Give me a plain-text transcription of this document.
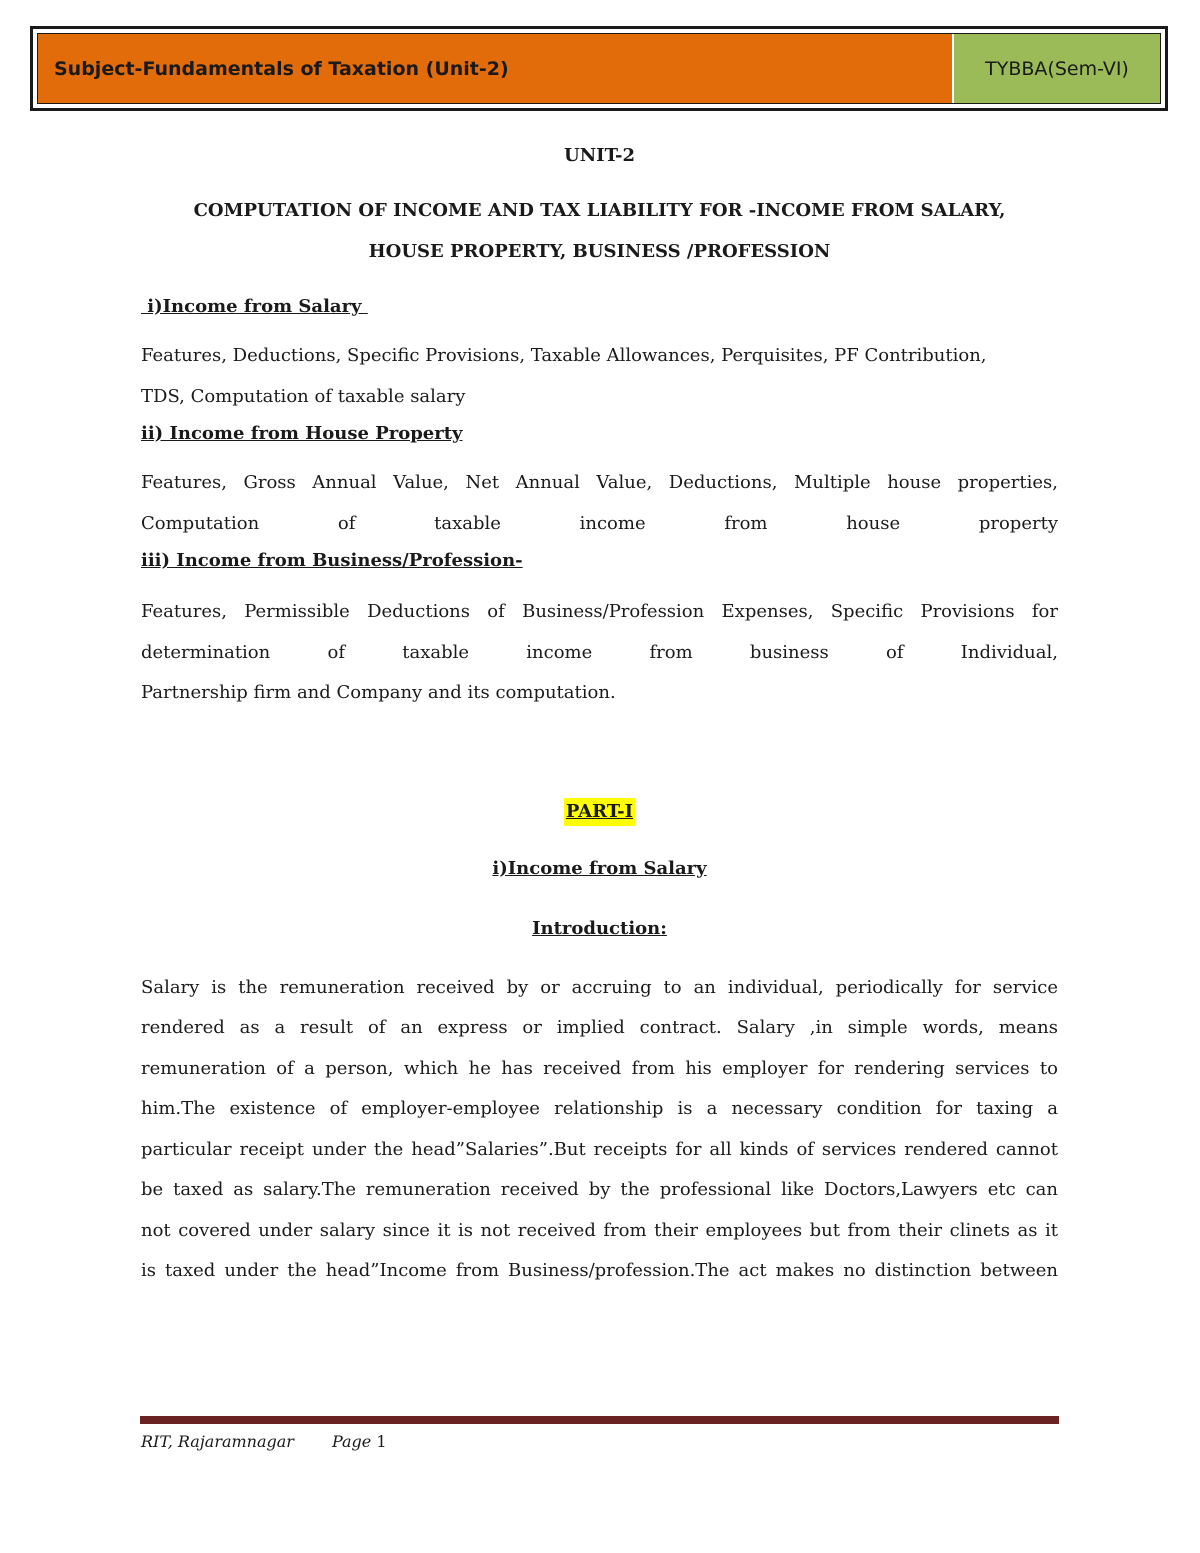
Subject-Fundamentals of Taxation (Unit-2)	TYBBA(Sem-VI)

UNIT-2

COMPUTATION OF INCOME AND TAX LIABILITY FOR -INCOME FROM SALARY,
HOUSE PROPERTY, BUSINESS /PROFESSION

i)Income from Salary

Features, Deductions, Specific Provisions, Taxable Allowances, Perquisites, PF Contribution,

TDS, Computation of taxable salary

ii) Income from House Property

Features, Gross Annual Value, Net Annual Value, Deductions, Multiple house properties,

Computation of taxable income from house property

iii) Income from Business/Profession-

Features, Permissible Deductions of Business/Profession Expenses, Specific Provisions for

determination of taxable income from business of Individual,

Partnership firm and Company and its computation.

PART-I

i)Income from Salary

Introduction:

Salary is the remuneration received by or accruing to an individual, periodically for service

rendered as a result of an express or implied contract. Salary ,in simple words, means

remuneration of a person, which he has received from his employer for rendering services to

him.The existence of employer-employee relationship is a necessary condition for taxing a

particular receipt under the head”Salaries”.But receipts for all kinds of services rendered cannot

be taxed as salary.The remuneration received by the professional like Doctors,Lawyers etc can

not covered under salary since it is not received from their employees but from their clinets as it

is taxed under the head”Income from Business/profession.The act makes no distinction between

RIT, Rajaramnagar Page 1
